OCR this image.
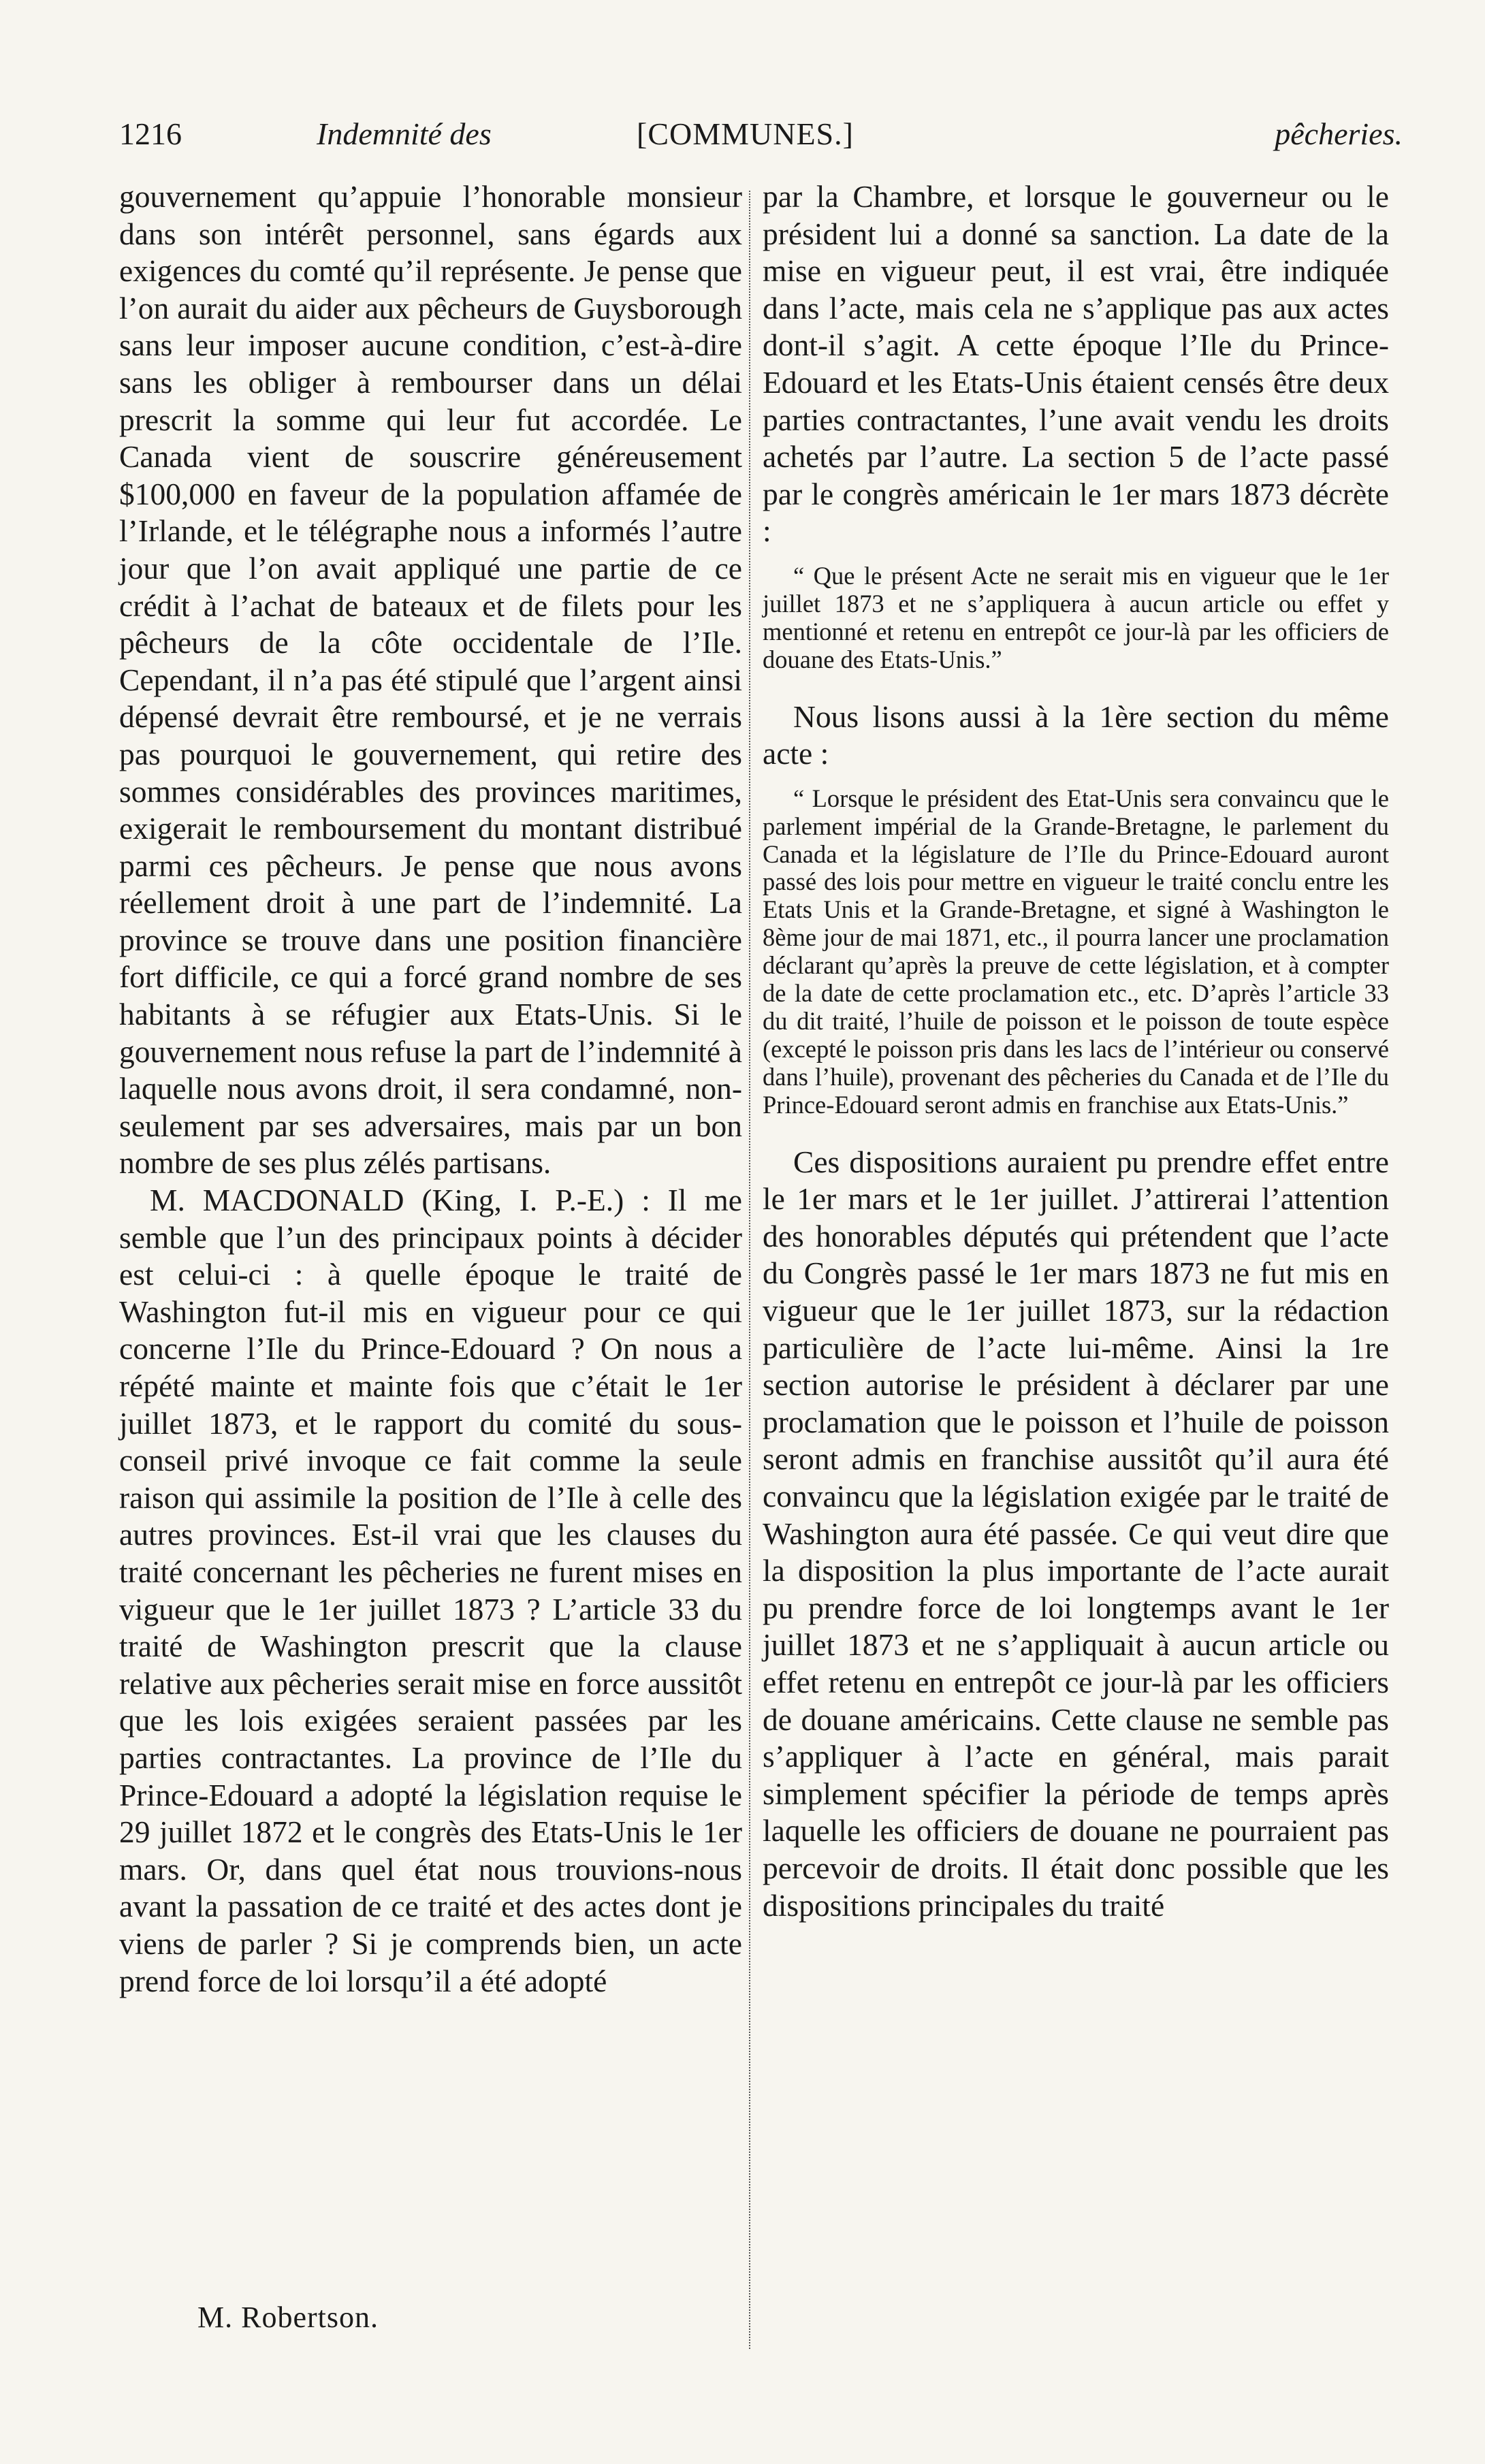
1216	Indemnité des	[COMMUNES.]	pêcheries.

gouvernement qu’appuie l’honorable monsieur dans son intérêt personnel, sans égards aux exigences du comté qu’il représente. Je pense que l’on aurait du aider aux pêcheurs de Guysborough sans leur imposer aucune condition, c’est-à-dire sans les obliger à rembourser dans un délai prescrit la somme qui leur fut accordée. Le Canada vient de souscrire généreusement $100,000 en faveur de la population affamée de l’Irlande, et le télégraphe nous a informés l’autre jour que l’on avait appliqué une partie de ce crédit à l’achat de bateaux et de filets pour les pêcheurs de la côte occidentale de l’Ile. Cependant, il n’a pas été stipulé que l’argent ainsi dépensé devrait être remboursé, et je ne verrais pas pourquoi le gouvernement, qui retire des sommes considérables des provinces maritimes, exigerait le remboursement du montant distribué parmi ces pêcheurs. Je pense que nous avons réellement droit à une part de l’indemnité. La province se trouve dans une position financière fort difficile, ce qui a forcé grand nombre de ses habitants à se réfugier aux Etats-Unis. Si le gouvernement nous refuse la part de l’indemnité à laquelle nous avons droit, il sera condamné, non-seulement par ses adversaires, mais par un bon nombre de ses plus zélés partisans.

M. MACDONALD (King, I. P.-E.) : Il me semble que l’un des principaux points à décider est celui-ci : à quelle époque le traité de Washington fut-il mis en vigueur pour ce qui concerne l’Ile du Prince-Edouard ? On nous a répété mainte et mainte fois que c’était le 1er juillet 1873, et le rapport du comité du sous-conseil privé invoque ce fait comme la seule raison qui assimile la position de l’Ile à celle des autres provinces. Est-il vrai que les clauses du traité concernant les pêcheries ne furent mises en vigueur que le 1er juillet 1873 ? L’article 33 du traité de Washington prescrit que la clause relative aux pêcheries serait mise en force aussitôt que les lois exigées seraient passées par les parties contractantes. La province de l’Ile du Prince-Edouard a adopté la législation requise le 29 juillet 1872 et le congrès des Etats-Unis le 1er mars. Or, dans quel état nous trouvions-nous avant la passation de ce traité et des actes dont je viens de parler ? Si je comprends bien, un acte prend force de loi lorsqu’il a été adopté

par la Chambre, et lorsque le gouverneur ou le président lui a donné sa sanction. La date de la mise en vigueur peut, il est vrai, être indiquée dans l’acte, mais cela ne s’applique pas aux actes dont-il s’agit. A cette époque l’Ile du Prince-Edouard et les Etats-Unis étaient censés être deux parties contractantes, l’une avait vendu les droits achetés par l’autre. La section 5 de l’acte passé par le congrès américain le 1er mars 1873 décrète :

“ Que le présent Acte ne serait mis en vigueur que le 1er juillet 1873 et ne s’appliquera à aucun article ou effet y mentionné et retenu en entrepôt ce jour-là par les officiers de douane des Etats-Unis.”

Nous lisons aussi à la 1ère section du même acte :

“ Lorsque le président des Etat-Unis sera convaincu que le parlement impérial de la Grande-Bretagne, le parlement du Canada et la législature de l’Ile du Prince-Edouard auront passé des lois pour mettre en vigueur le traité conclu entre les Etats Unis et la Grande-Bretagne, et signé à Washington le 8ème jour de mai 1871, etc., il pourra lancer une proclamation déclarant qu’après la preuve de cette législation, et à compter de la date de cette proclamation etc., etc. D’après l’article 33 du dit traité, l’huile de poisson et le poisson de toute espèce (excepté le poisson pris dans les lacs de l’intérieur ou conservé dans l’huile), provenant des pêcheries du Canada et de l’Ile du Prince-Edouard seront admis en franchise aux Etats-Unis.”

Ces dispositions auraient pu prendre effet entre le 1er mars et le 1er juillet. J’attirerai l’attention des honorables députés qui prétendent que l’acte du Congrès passé le 1er mars 1873 ne fut mis en vigueur que le 1er juillet 1873, sur la rédaction particulière de l’acte lui-même. Ainsi la 1re section autorise le président à déclarer par une proclamation que le poisson et l’huile de poisson seront admis en franchise aussitôt qu’il aura été convaincu que la législation exigée par le traité de Washington aura été passée. Ce qui veut dire que la disposition la plus importante de l’acte aurait pu prendre force de loi longtemps avant le 1er juillet 1873 et ne s’appliquait à aucun article ou effet retenu en entrepôt ce jour-là par les officiers de douane américains. Cette clause ne semble pas s’appliquer à l’acte en général, mais parait simplement spécifier la période de temps après laquelle les officiers de douane ne pourraient pas percevoir de droits. Il était donc possible que les dispositions principales du traité

M. Robertson.
